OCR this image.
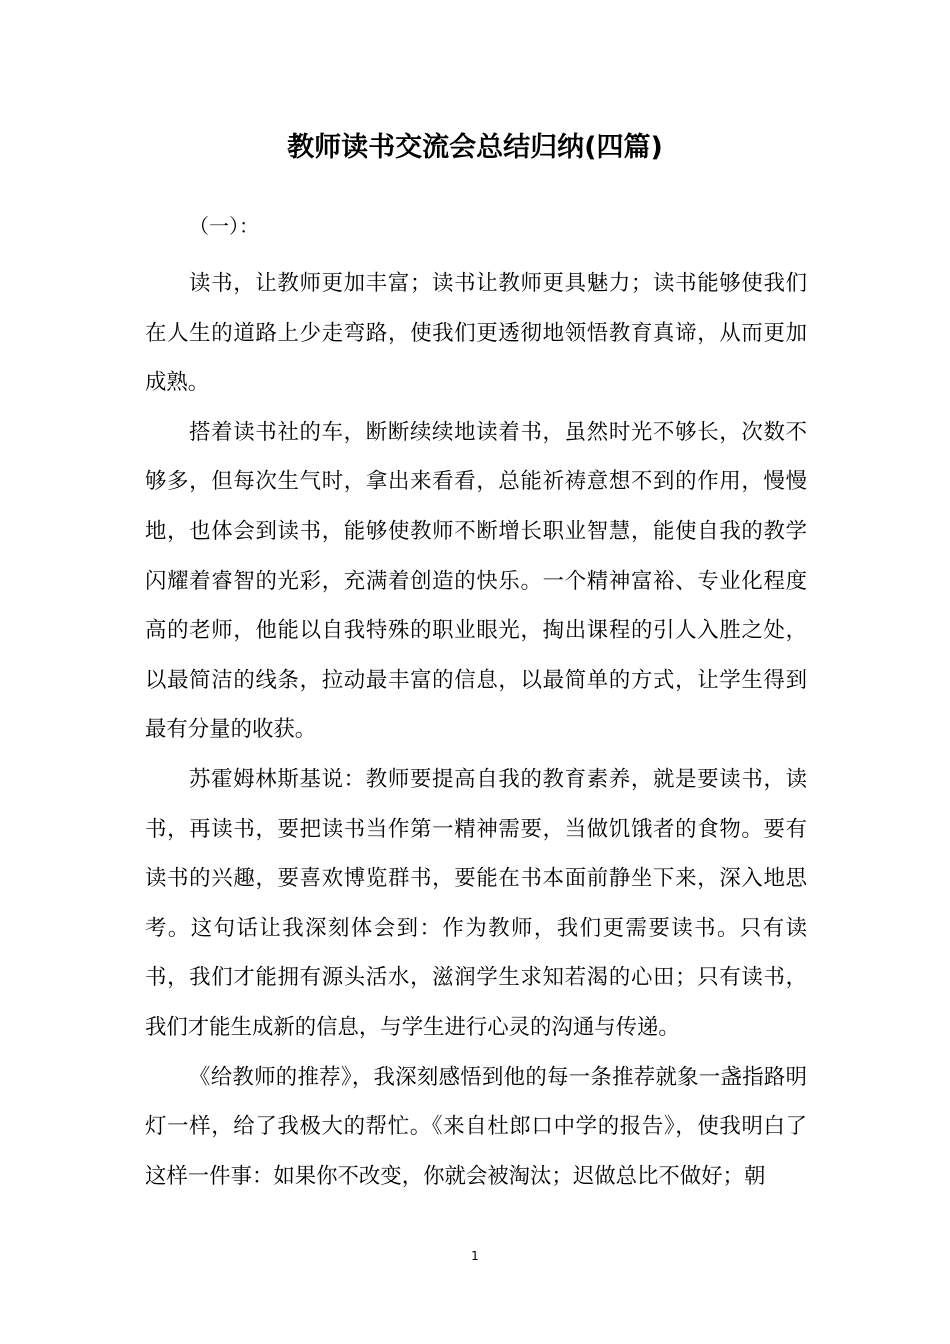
教师读书交流会总结归纳(四篇)

（一）：

读书，让教师更加丰富；读书让教师更具魅力；读书能够使我们在人生的道路上少走弯路，使我们更透彻地领悟教育真谛，从而更加成熟。

搭着读书社的车，断断续续地读着书，虽然时光不够长，次数不够多，但每次生气时，拿出来看看，总能祈祷意想不到的作用，慢慢地，也体会到读书，能够使教师不断增长职业智慧，能使自我的教学闪耀着睿智的光彩，充满着创造的快乐。一个精神富裕、专业化程度高的老师，他能以自我特殊的职业眼光，掏出课程的引人入胜之处，以最简洁的线条，拉动最丰富的信息，以最简单的方式，让学生得到最有分量的收获。

苏霍姆林斯基说：教师要提高自我的教育素养，就是要读书，读书，再读书，要把读书当作第一精神需要，当做饥饿者的食物。要有读书的兴趣，要喜欢博览群书，要能在书本面前静坐下来，深入地思考。这句话让我深刻体会到：作为教师，我们更需要读书。只有读书，我们才能拥有源头活水，滋润学生求知若渴的心田；只有读书，我们才能生成新的信息，与学生进行心灵的沟通与传递。

《给教师的推荐》，我深刻感悟到他的每一条推荐就象一盏指路明灯一样，给了我极大的帮忙。《来自杜郎口中学的报告》，使我明白了这样一件事：如果你不改变，你就会被淘汰；迟做总比不做好；朝

1
